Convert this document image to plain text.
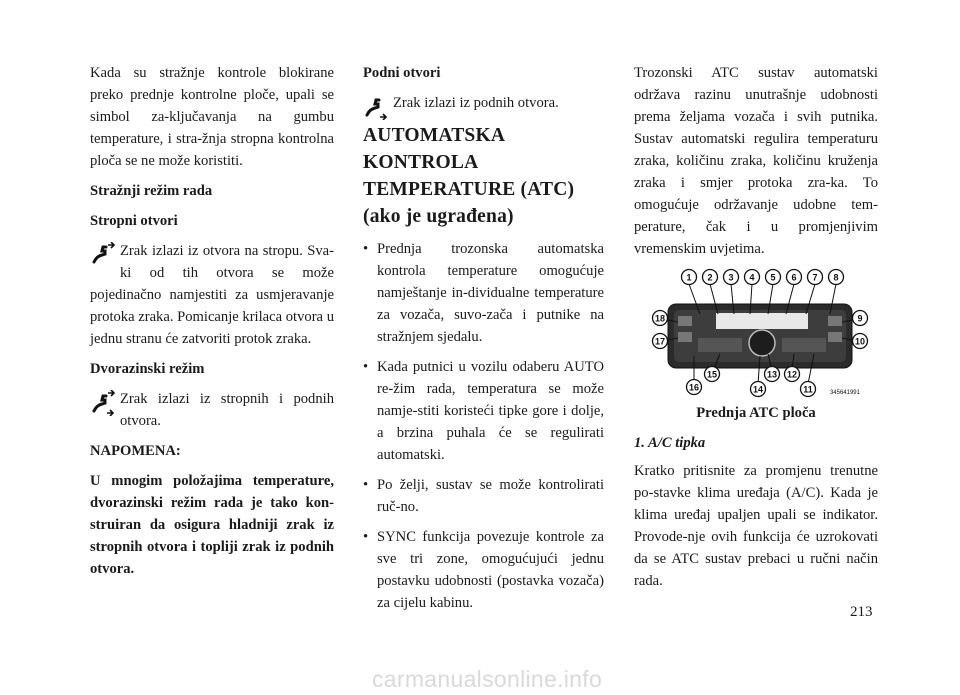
Kada su stražnje kontrole blokirane preko prednje kontrolne ploče, upali se simbol za-ključavanja na gumbu temperature, i stra-žnja stropna kontrolna ploča se ne može koristiti.

Stražnji režim rada

Stropni otvori

Zrak izlazi iz otvora na stropu. Sva-ki od tih otvora se može pojedinačno namjestiti za usmjeravanje protoka zraka. Pomicanje krilaca otvora u jednu stranu će zatvoriti protok zraka.

Dvorazinski režim

Zrak izlazi iz stropnih i podnih otvora.

NAPOMENA:

U mnogim položajima temperature, dvorazinski režim rada je tako kon-struiran da osigura hladniji zrak iz stropnih otvora i topliji zrak iz podnih otvora.

Podni otvori

Zrak izlazi iz podnih otvora.

AUTOMATSKA KONTROLA TEMPERATURE (ATC) (ako je ugrađena)
• Prednja trozonska automatska kontrola temperature omogućuje namještanje in-dividualne temperature za vozača, suvo-zača i putnike na stražnjem sjedalu.
• Kada putnici u vozilu odaberu AUTO re-žim rada, temperatura se može namje-stiti koristeći tipke gore i dolje, a brzina puhala će se regulirati automatski.
• Po želji, sustav se može kontrolirati ruč-no.
• SYNC funkcija povezuje kontrole za sve tri zone, omogućujući jednu postavku udobnosti (postavka vozača) za cijelu kabinu.

Trozonski ATC sustav automatski održava razinu unutrašnje udobnosti prema željama vozača i svih putnika. Sustav automatski regulira temperaturu zraka, količinu zraka, količinu kruženja zraka i smjer protoka zra-ka. To omogućuje održavanje udobne tem-perature, čak i u promjenjivim vremenskim uvjetima.

1 2 3 4 5 6 7 8
9
10
18
17
16
15
14
13 12
11	345641991

Prednja ATC ploča

1. A/C tipka

Kratko pritisnite za promjenu trenutne po-stavke klima uređaja (A/C). Kada je klima uređaj upaljen upali se indikator. Provode-nje ovih funkcija će uzrokovati da se ATC sustav prebaci u ručni način rada.

213
carmanualsonline.info
